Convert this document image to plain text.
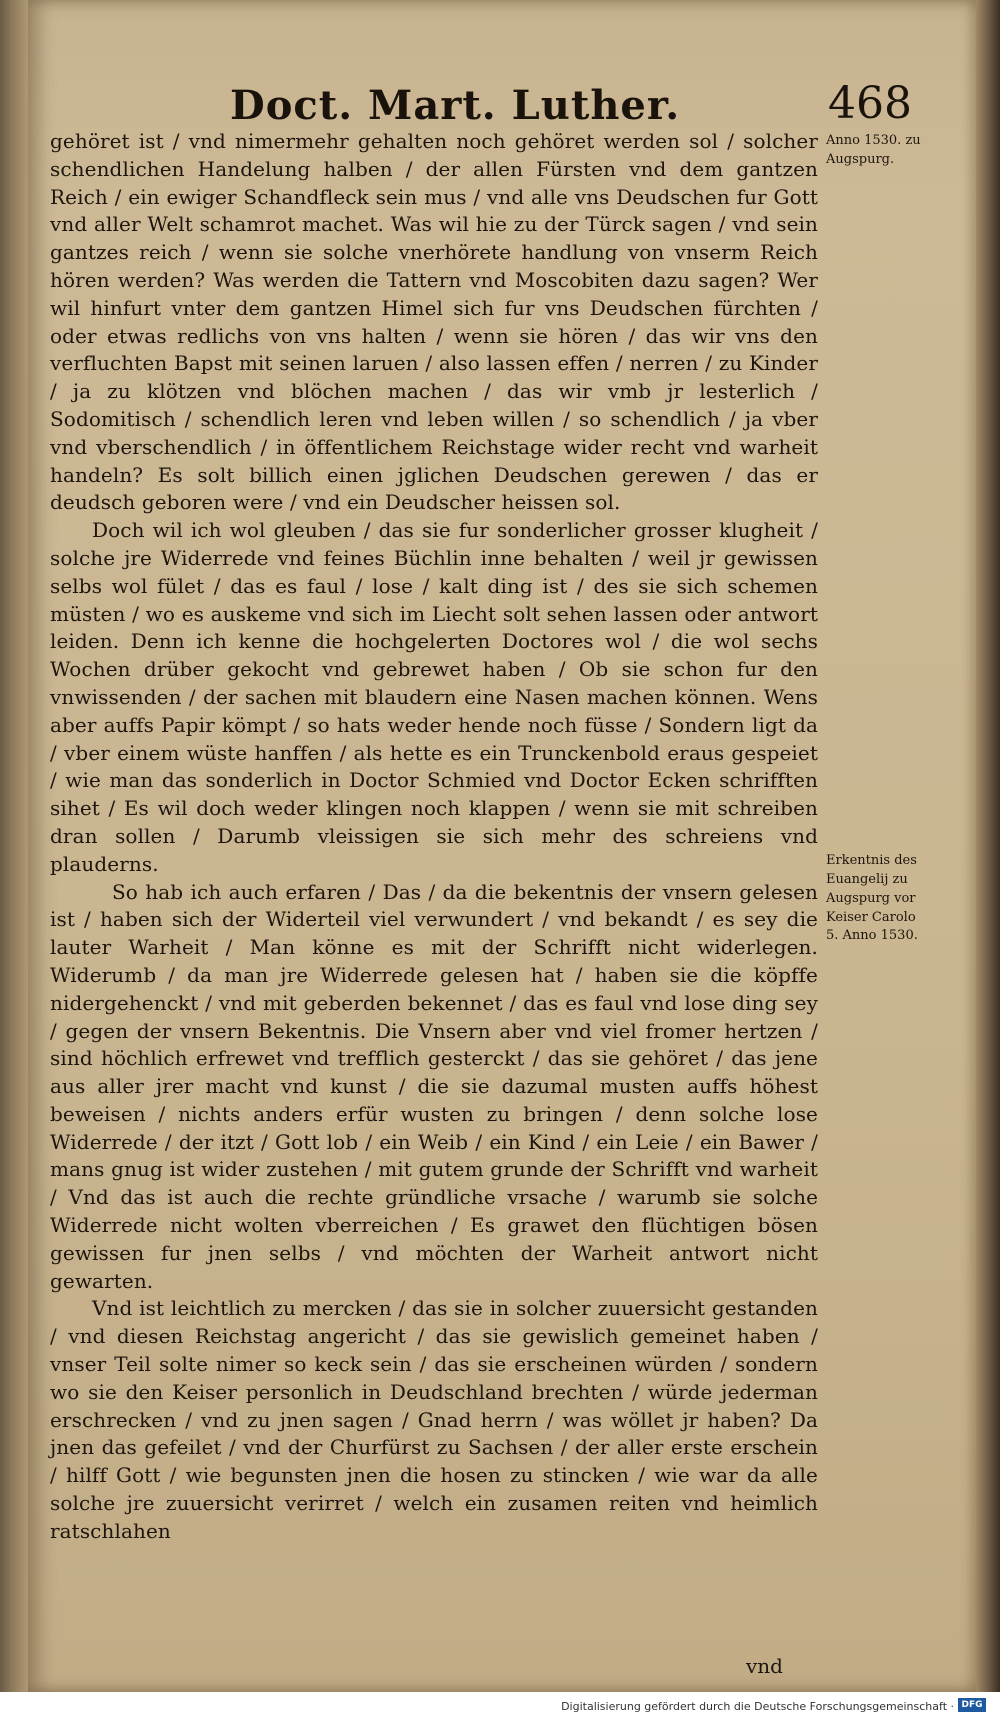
Doct. Mart. Luther.	468
Anno 1530. zu Augspurg.
Erkentnis des Euangelij zu Augspurg vor Keiser Carolo 5. Anno 1530.

gehöret ist / vnd nimermehr gehalten noch gehöret werden sol / solcher schendlichen Handelung halben / der allen Fürsten vnd dem gantzen Reich / ein ewiger Schandfleck sein mus / vnd alle vns Deudschen fur Gott vnd aller Welt schamrot machet. Was wil hie zu der Türck sagen / vnd sein gantzes reich / wenn sie solche vnerhörete handlung von vnserm Reich hören werden? Was werden die Tattern vnd Moscobiten dazu sagen? Wer wil hinfurt vnter dem gantzen Himel sich fur vns Deudschen fürchten / oder etwas redlichs von vns halten / wenn sie hören / das wir vns den verfluchten Bapst mit seinen laruen / also lassen effen / nerren / zu Kinder / ja zu klötzen vnd blöchen machen / das wir vmb jr lesterlich / Sodomitisch / schendlich leren vnd leben willen / so schendlich / ja vber vnd vberschendlich / in öffentlichem Reichstage wider recht vnd warheit handeln? Es solt billich einen jglichen Deudschen gerewen / das er deudsch geboren were / vnd ein Deudscher heissen sol.

Doch wil ich wol gleuben / das sie fur sonderlicher grosser klugheit / solche jre Widerrede vnd feines Büchlin inne behalten / weil jr gewissen selbs wol fület / das es faul / lose / kalt ding ist / des sie sich schemen müsten / wo es auskeme vnd sich im Liecht solt sehen lassen oder antwort leiden. Denn ich kenne die hochgelerten Doctores wol / die wol sechs Wochen drüber gekocht vnd gebrewet haben / Ob sie schon fur den vnwissenden / der sachen mit blaudern eine Nasen machen können. Wens aber auffs Papir kömpt / so hats weder hende noch füsse / Sondern ligt da / vber einem wüste hanffen / als hette es ein Trunckenbold eraus gespeiet / wie man das sonderlich in Doctor Schmied vnd Doctor Ecken schrifften sihet / Es wil doch weder klingen noch klappen / wenn sie mit schreiben dran sollen / Darumb vleissigen sie sich mehr des schreiens vnd plauderns.

So hab ich auch erfaren / Das / da die bekentnis der vnsern gelesen ist / haben sich der Widerteil viel verwundert / vnd bekandt / es sey die lauter Warheit / Man könne es mit der Schrifft nicht widerlegen. Widerumb / da man jre Widerrede gelesen hat / haben sie die köpffe nidergehenckt / vnd mit geberden bekennet / das es faul vnd lose ding sey / gegen der vnsern Bekentnis. Die Vnsern aber vnd viel fromer hertzen / sind höchlich erfrewet vnd trefflich gesterckt / das sie gehöret / das jene aus aller jrer macht vnd kunst / die sie dazumal musten auffs höhest beweisen / nichts anders erfür wusten zu bringen / denn solche lose Widerrede / der itzt / Gott lob / ein Weib / ein Kind / ein Leie / ein Bawer / mans gnug ist wider zustehen / mit gutem grunde der Schrifft vnd warheit / Vnd das ist auch die rechte gründliche vrsache / warumb sie solche Widerrede nicht wolten vberreichen / Es grawet den flüchtigen bösen gewissen fur jnen selbs / vnd möchten der Warheit antwort nicht gewarten.

Vnd ist leichtlich zu mercken / das sie in solcher zuuersicht gestanden / vnd diesen Reichstag angericht / das sie gewislich gemeinet haben / vnser Teil solte nimer so keck sein / das sie erscheinen würden / sondern wo sie den Keiser personlich in Deudschland brechten / würde jederman erschrecken / vnd zu jnen sagen / Gnad herrn / was wöllet jr haben? Da jnen das gefeilet / vnd der Churfürst zu Sachsen / der aller erste erschein / hilff Gott / wie begunsten jnen die hosen zu stincken / wie war da alle solche jre zuuersicht verirret / welch ein zusamen reiten vnd heimlich ratschlahen

vnd
Digitalisierung gefördert durch die Deutsche Forschungsgemeinschaft · DFG
